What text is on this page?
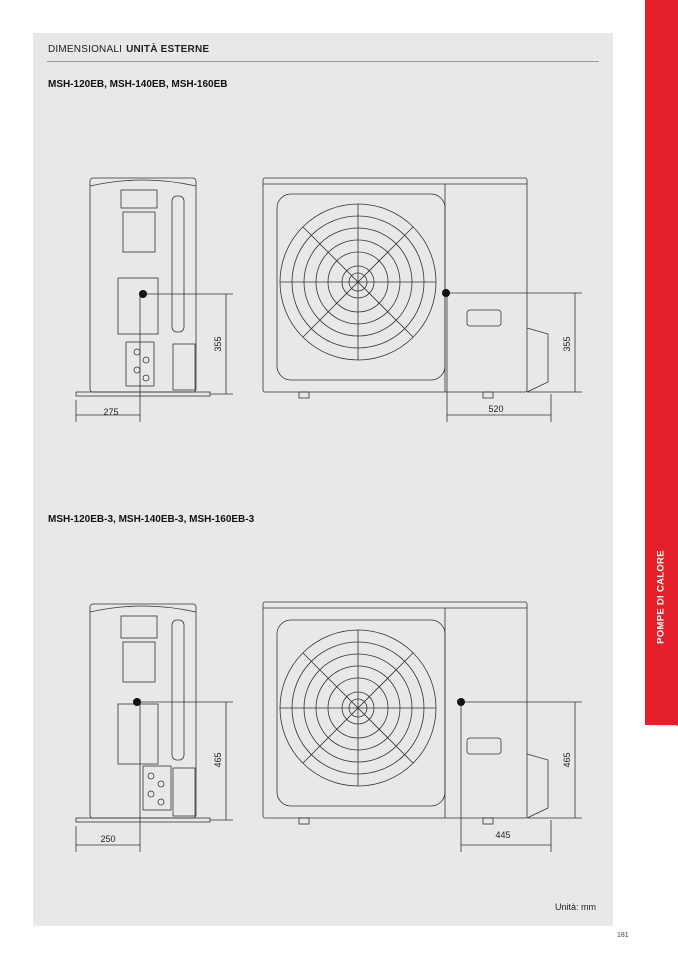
DIMENSIONALI UNITÀ ESTERNE
MSH-120EB, MSH-140EB, MSH-160EB
MSH-120EB-3, MSH-140EB-3, MSH-160EB-3
275
355
520
355
250
465
445
465
Unità: mm
181
POMPE DI CALORE
